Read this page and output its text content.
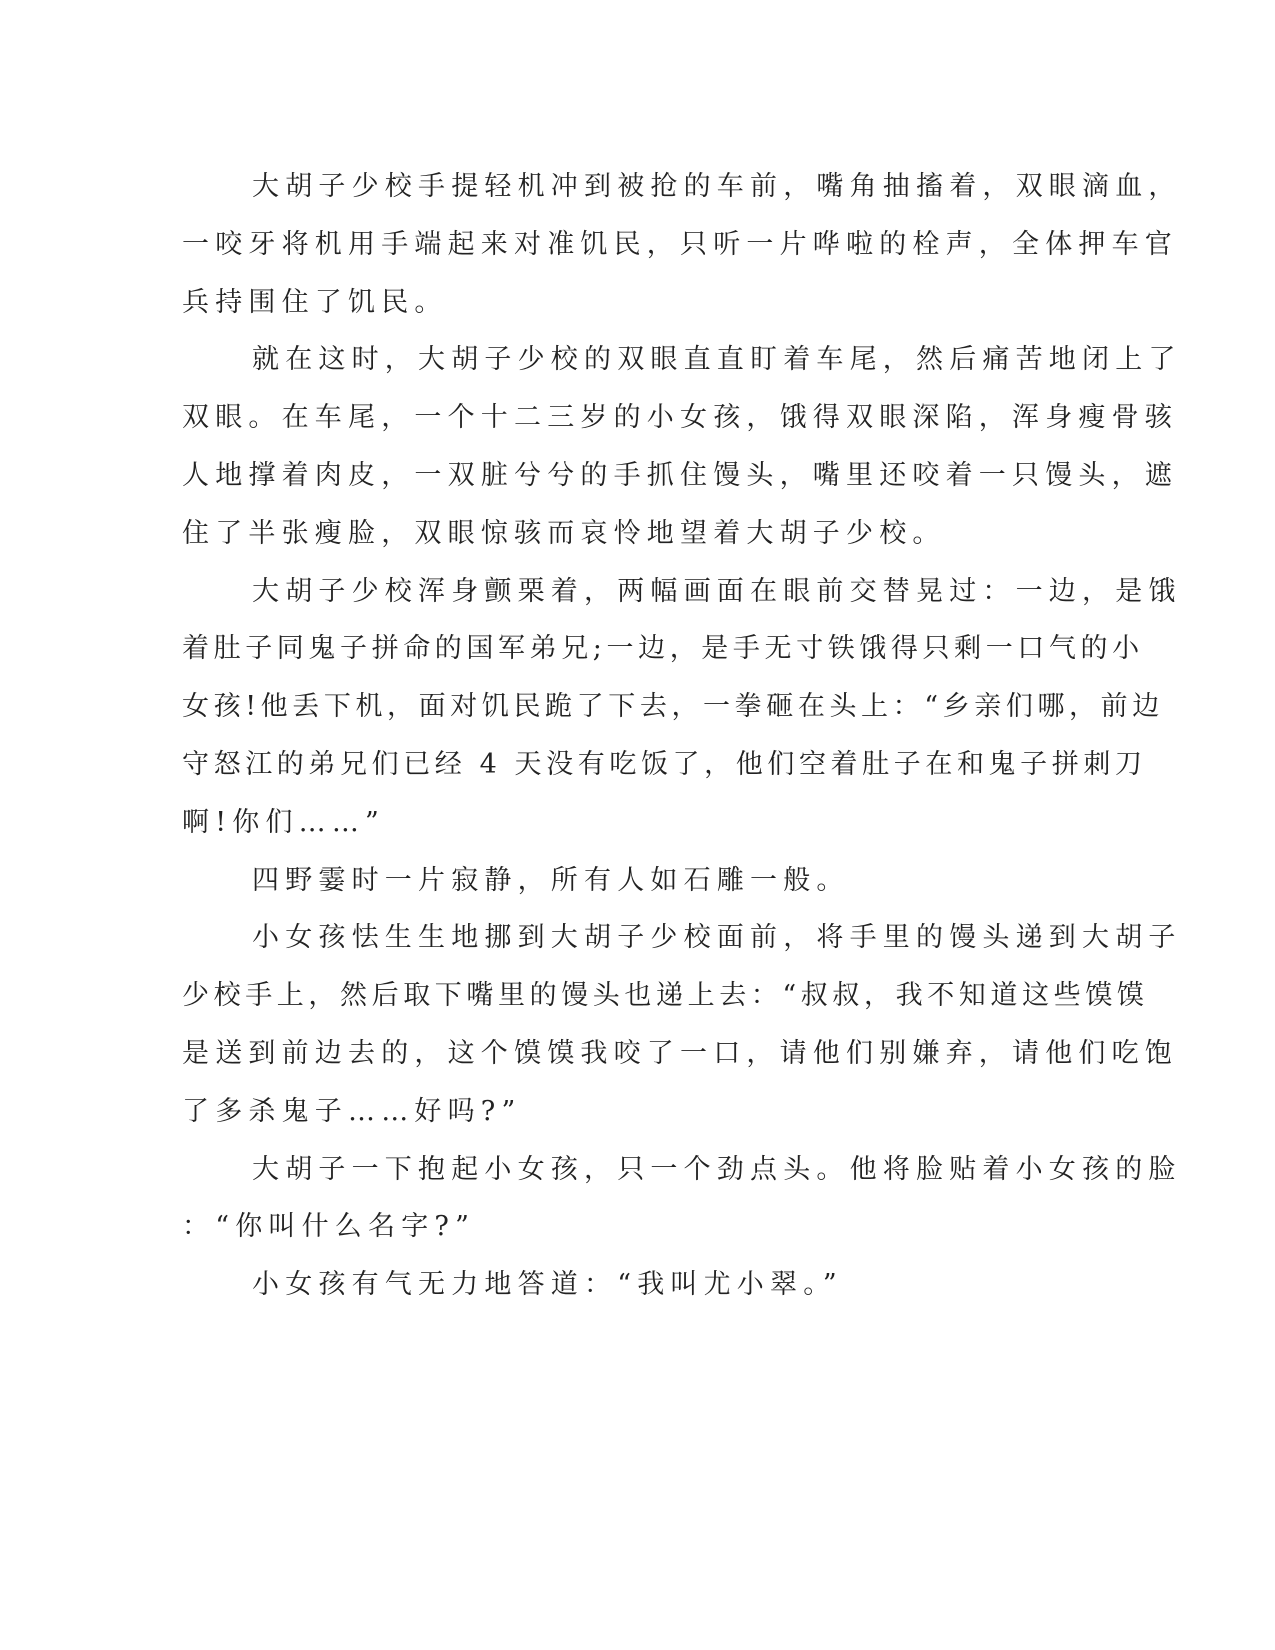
大胡子少校手提轻机冲到被抢的车前，嘴角抽搐着，双眼滴血，
一咬牙将机用手端起来对准饥民，只听一片哗啦的栓声，全体押车官
兵持围住了饥民。
就在这时，大胡子少校的双眼直直盯着车尾，然后痛苦地闭上了
双眼。在车尾，一个十二三岁的小女孩，饿得双眼深陷，浑身瘦骨骇
人地撑着肉皮，一双脏兮兮的手抓住馒头，嘴里还咬着一只馒头，遮
住了半张瘦脸，双眼惊骇而哀怜地望着大胡子少校。
大胡子少校浑身颤栗着，两幅画面在眼前交替晃过：一边，是饿
着肚子同鬼子拼命的国军弟兄;一边，是手无寸铁饿得只剩一口气的小
女孩!他丢下机，面对饥民跪了下去，一拳砸在头上：“乡亲们哪，前边
守怒江的弟兄们已经 4 天没有吃饭了，他们空着肚子在和鬼子拼刺刀
啊!你们……”
四野霎时一片寂静，所有人如石雕一般。
小女孩怯生生地挪到大胡子少校面前，将手里的馒头递到大胡子
少校手上，然后取下嘴里的馒头也递上去：“叔叔，我不知道这些馍馍
是送到前边去的，这个馍馍我咬了一口，请他们别嫌弃，请他们吃饱
了多杀鬼子……好吗?”
大胡子一下抱起小女孩，只一个劲点头。他将脸贴着小女孩的脸
：“你叫什么名字?”
小女孩有气无力地答道：“我叫尤小翠。”
